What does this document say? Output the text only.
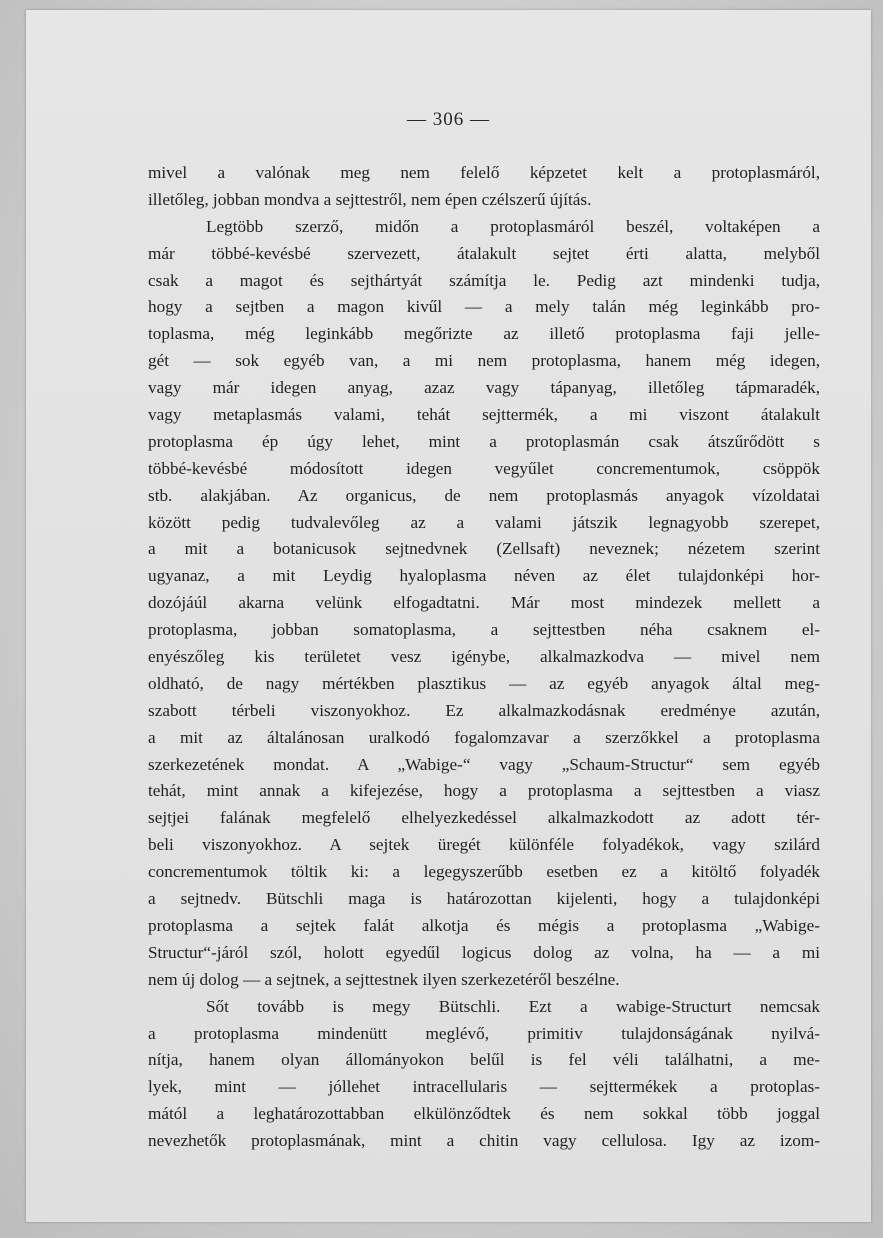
— 306 —

mivel a valónak meg nem felelő képzetet kelt a protoplasmáról,
illetőleg, jobban mondva a sejttestről, nem épen czélszerű újítás.
Legtöbb szerző, midőn a protoplasmáról beszél, voltaképen a
már többé-kevésbé szervezett, átalakult sejtet érti alatta, melyből
csak a magot és sejthártyát számítja le. Pedig azt mindenki tudja,
hogy a sejtben a magon kivűl — a mely talán még leginkább pro-
toplasma, még leginkább megőrizte az illető protoplasma faji jelle-
gét — sok egyéb van, a mi nem protoplasma, hanem még idegen,
vagy már idegen anyag, azaz vagy tápanyag, illetőleg tápmaradék,
vagy metaplasmás valami, tehát sejttermék, a mi viszont átalakult
protoplasma ép úgy lehet, mint a protoplasmán csak átszűrődött s
többé-kevésbé módosított idegen vegyűlet concrementumok, csöppök
stb. alakjában. Az organicus, de nem protoplasmás anyagok vízoldatai
között pedig tudvalevőleg az a valami játszik legnagyobb szerepet,
a mit a botanicusok sejtnedvnek (Zellsaft) neveznek; nézetem szerint
ugyanaz, a mit Leydig hyaloplasma néven az élet tulajdonképi hor-
dozójáúl akarna velünk elfogadtatni. Már most mindezek mellett a
protoplasma, jobban somatoplasma, a sejttestben néha csaknem el-
enyészőleg kis területet vesz igénybe, alkalmazkodva — mivel nem
oldható, de nagy mértékben plasztikus — az egyéb anyagok által meg-
szabott térbeli viszonyokhoz. Ez alkalmazkodásnak eredménye azután,
a mit az általánosan uralkodó fogalomzavar a szerzőkkel a protoplasma
szerkezetének mondat. A „Wabige-“ vagy „Schaum-Structur“ sem egyéb
tehát, mint annak a kifejezése, hogy a protoplasma a sejttestben a viasz
sejtjei falának megfelelő elhelyezkedéssel alkalmazkodott az adott tér-
beli viszonyokhoz. A sejtek üregét különféle folyadékok, vagy szilárd
concrementumok töltik ki: a legegyszerűbb esetben ez a kitöltő folyadék
a sejtnedv. Bütschli maga is határozottan kijelenti, hogy a tulajdonképi
protoplasma a sejtek falát alkotja és mégis a protoplasma „Wabige-
Structur“-járól szól, holott egyedűl logicus dolog az volna, ha — a mi
nem új dolog — a sejtnek, a sejttestnek ilyen szerkezetéről beszélne.
Sőt tovább is megy Bütschli. Ezt a wabige-Structurt nemcsak
a protoplasma mindenütt meglévő, primitiv tulajdonságának nyilvá-
nítja, hanem olyan állományokon belűl is fel véli találhatni, a me-
lyek, mint — jóllehet intracellularis — sejttermékek a protoplas-
mától a leghatározottabban elkülönződtek és nem sokkal több joggal
nevezhetők protoplasmának, mint a chitin vagy cellulosa. Igy az izom-
